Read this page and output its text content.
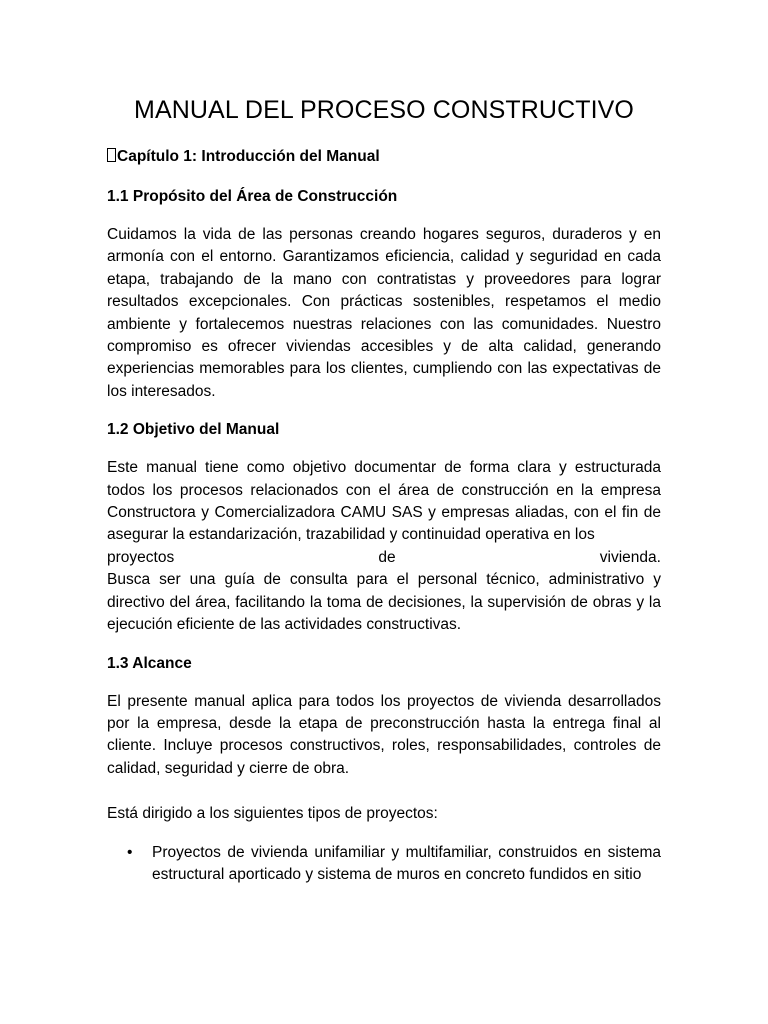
MANUAL DEL PROCESO CONSTRUCTIVO
Capítulo 1: Introducción del Manual
1.1 Propósito del Área de Construcción

Cuidamos la vida de las personas creando hogares seguros, duraderos y en armonía con el entorno. Garantizamos eficiencia, calidad y seguridad en cada etapa, trabajando de la mano con contratistas y proveedores para lograr resultados excepcionales. Con prácticas sostenibles, respetamos el medio ambiente y fortalecemos nuestras relaciones con las comunidades. Nuestro compromiso es ofrecer viviendas accesibles y de alta calidad, generando experiencias memorables para los clientes, cumpliendo con las expectativas de los interesados.

1.2 Objetivo del Manual

Este manual tiene como objetivo documentar de forma clara y estructurada todos los procesos relacionados con el área de construcción en la empresa Constructora y Comercializadora CAMU SAS y empresas aliadas, con el fin de asegurar la estandarización, trazabilidad y continuidad operativa en los

proyectos	de	vivienda.

Busca ser una guía de consulta para el personal técnico, administrativo y directivo del área, facilitando la toma de decisiones, la supervisión de obras y la ejecución eficiente de las actividades constructivas.

1.3 Alcance

El presente manual aplica para todos los proyectos de vivienda desarrollados por la empresa, desde la etapa de preconstrucción hasta la entrega final al cliente. Incluye procesos constructivos, roles, responsabilidades, controles de calidad, seguridad y cierre de obra.

Está dirigido a los siguientes tipos de proyectos:

• Proyectos de vivienda unifamiliar y multifamiliar, construidos en sistema estructural aporticado y sistema de muros en concreto fundidos en sitio
